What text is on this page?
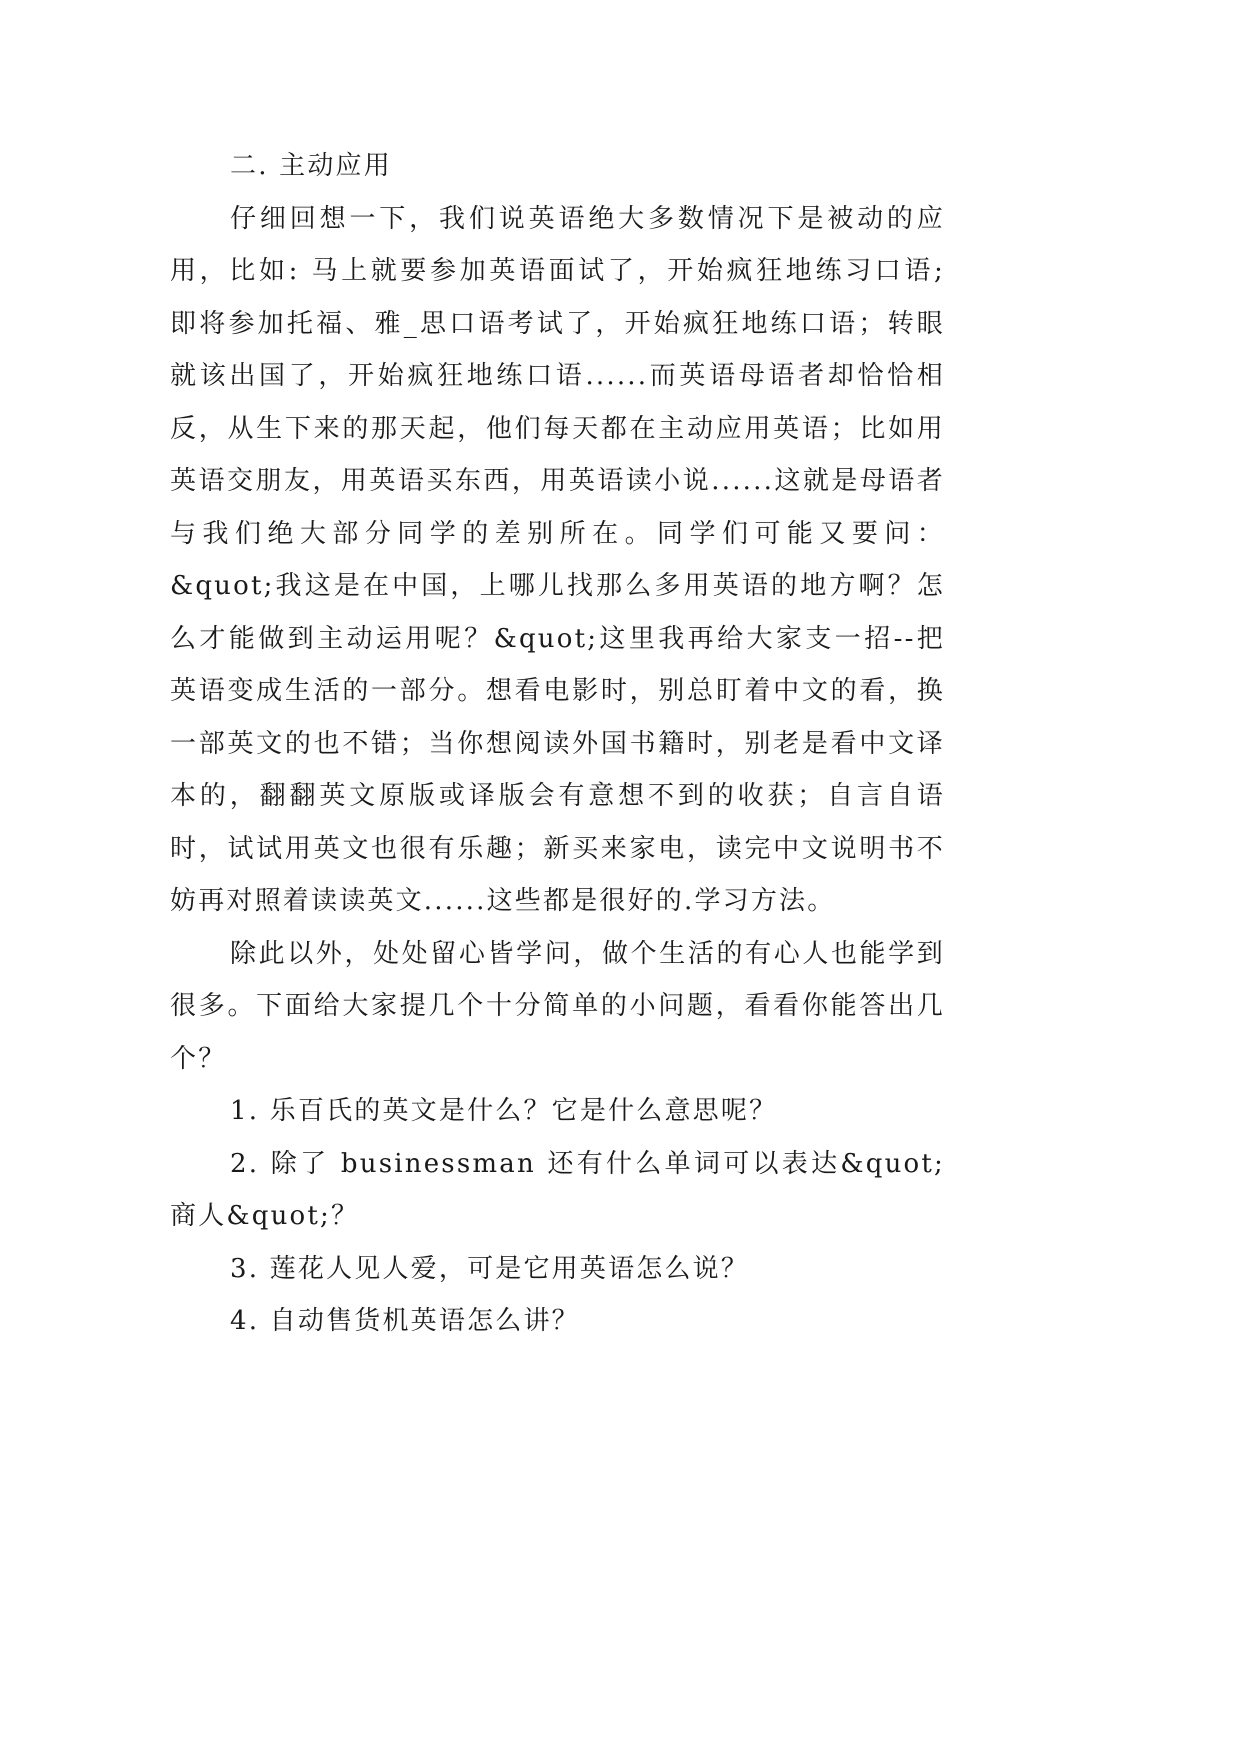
二. 主动应用

仔细回想一下，我们说英语绝大多数情况下是被动的应用，比如: 马上就要参加英语面试了，开始疯狂地练习口语; 即将参加托福、雅_思口语考试了，开始疯狂地练口语；转眼就该出国了，开始疯狂地练口语......而英语母语者却恰恰相反，从生下来的那天起，他们每天都在主动应用英语；比如用英语交朋友，用英语买东西，用英语读小说......这就是母语者与我们绝大部分同学的差别所在。同学们可能又要问：&quot;我这是在中国，上哪儿找那么多用英语的地方啊？怎么才能做到主动运用呢？&quot;这里我再给大家支一招--把英语变成生活的一部分。想看电影时，别总盯着中文的看，换一部英文的也不错；当你想阅读外国书籍时，别老是看中文译本的，翻翻英文原版或译版会有意想不到的收获；自言自语时，试试用英文也很有乐趣；新买来家电，读完中文说明书不妨再对照着读读英文......这些都是很好的.学习方法。

除此以外，处处留心皆学问，做个生活的有心人也能学到很多。下面给大家提几个十分简单的小问题，看看你能答出几个？

1. 乐百氏的英文是什么？它是什么意思呢？

2. 除了 businessman 还有什么单词可以表达&quot;商人&quot;？

3. 莲花人见人爱，可是它用英语怎么说？

4. 自动售货机英语怎么讲？
